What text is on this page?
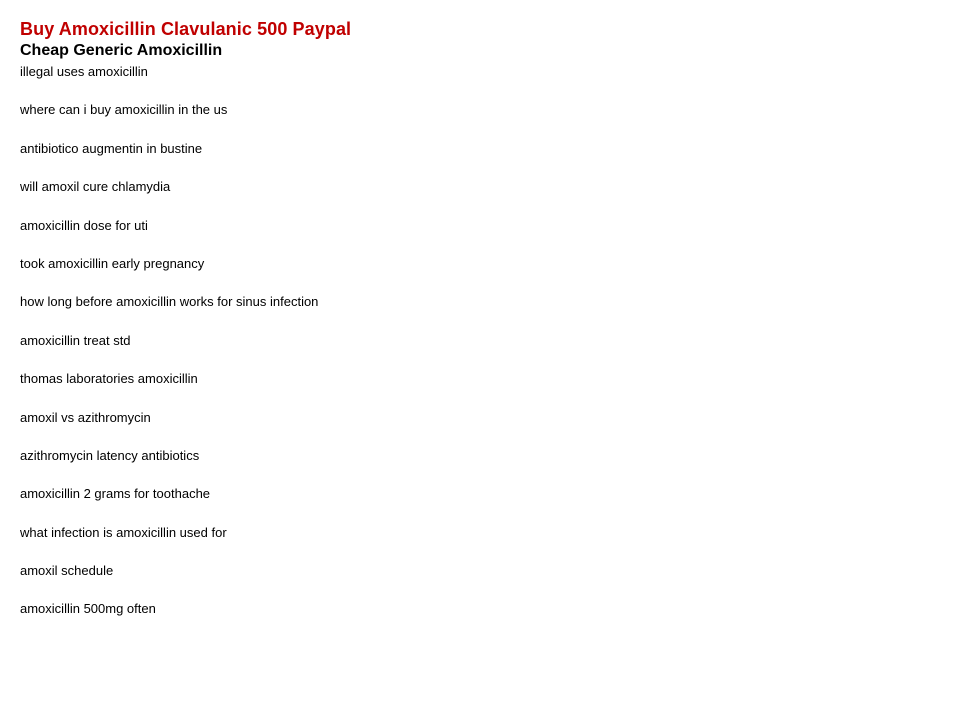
Buy Amoxicillin Clavulanic 500 Paypal
Cheap Generic Amoxicillin
illegal uses amoxicillin
where can i buy amoxicillin in the us
antibiotico augmentin in bustine
will amoxil cure chlamydia
amoxicillin dose for uti
took amoxicillin early pregnancy
how long before amoxicillin works for sinus infection
amoxicillin treat std
thomas laboratories amoxicillin
amoxil vs azithromycin
azithromycin latency antibiotics
amoxicillin 2 grams for toothache
what infection is amoxicillin used for
amoxil schedule
amoxicillin 500mg often
